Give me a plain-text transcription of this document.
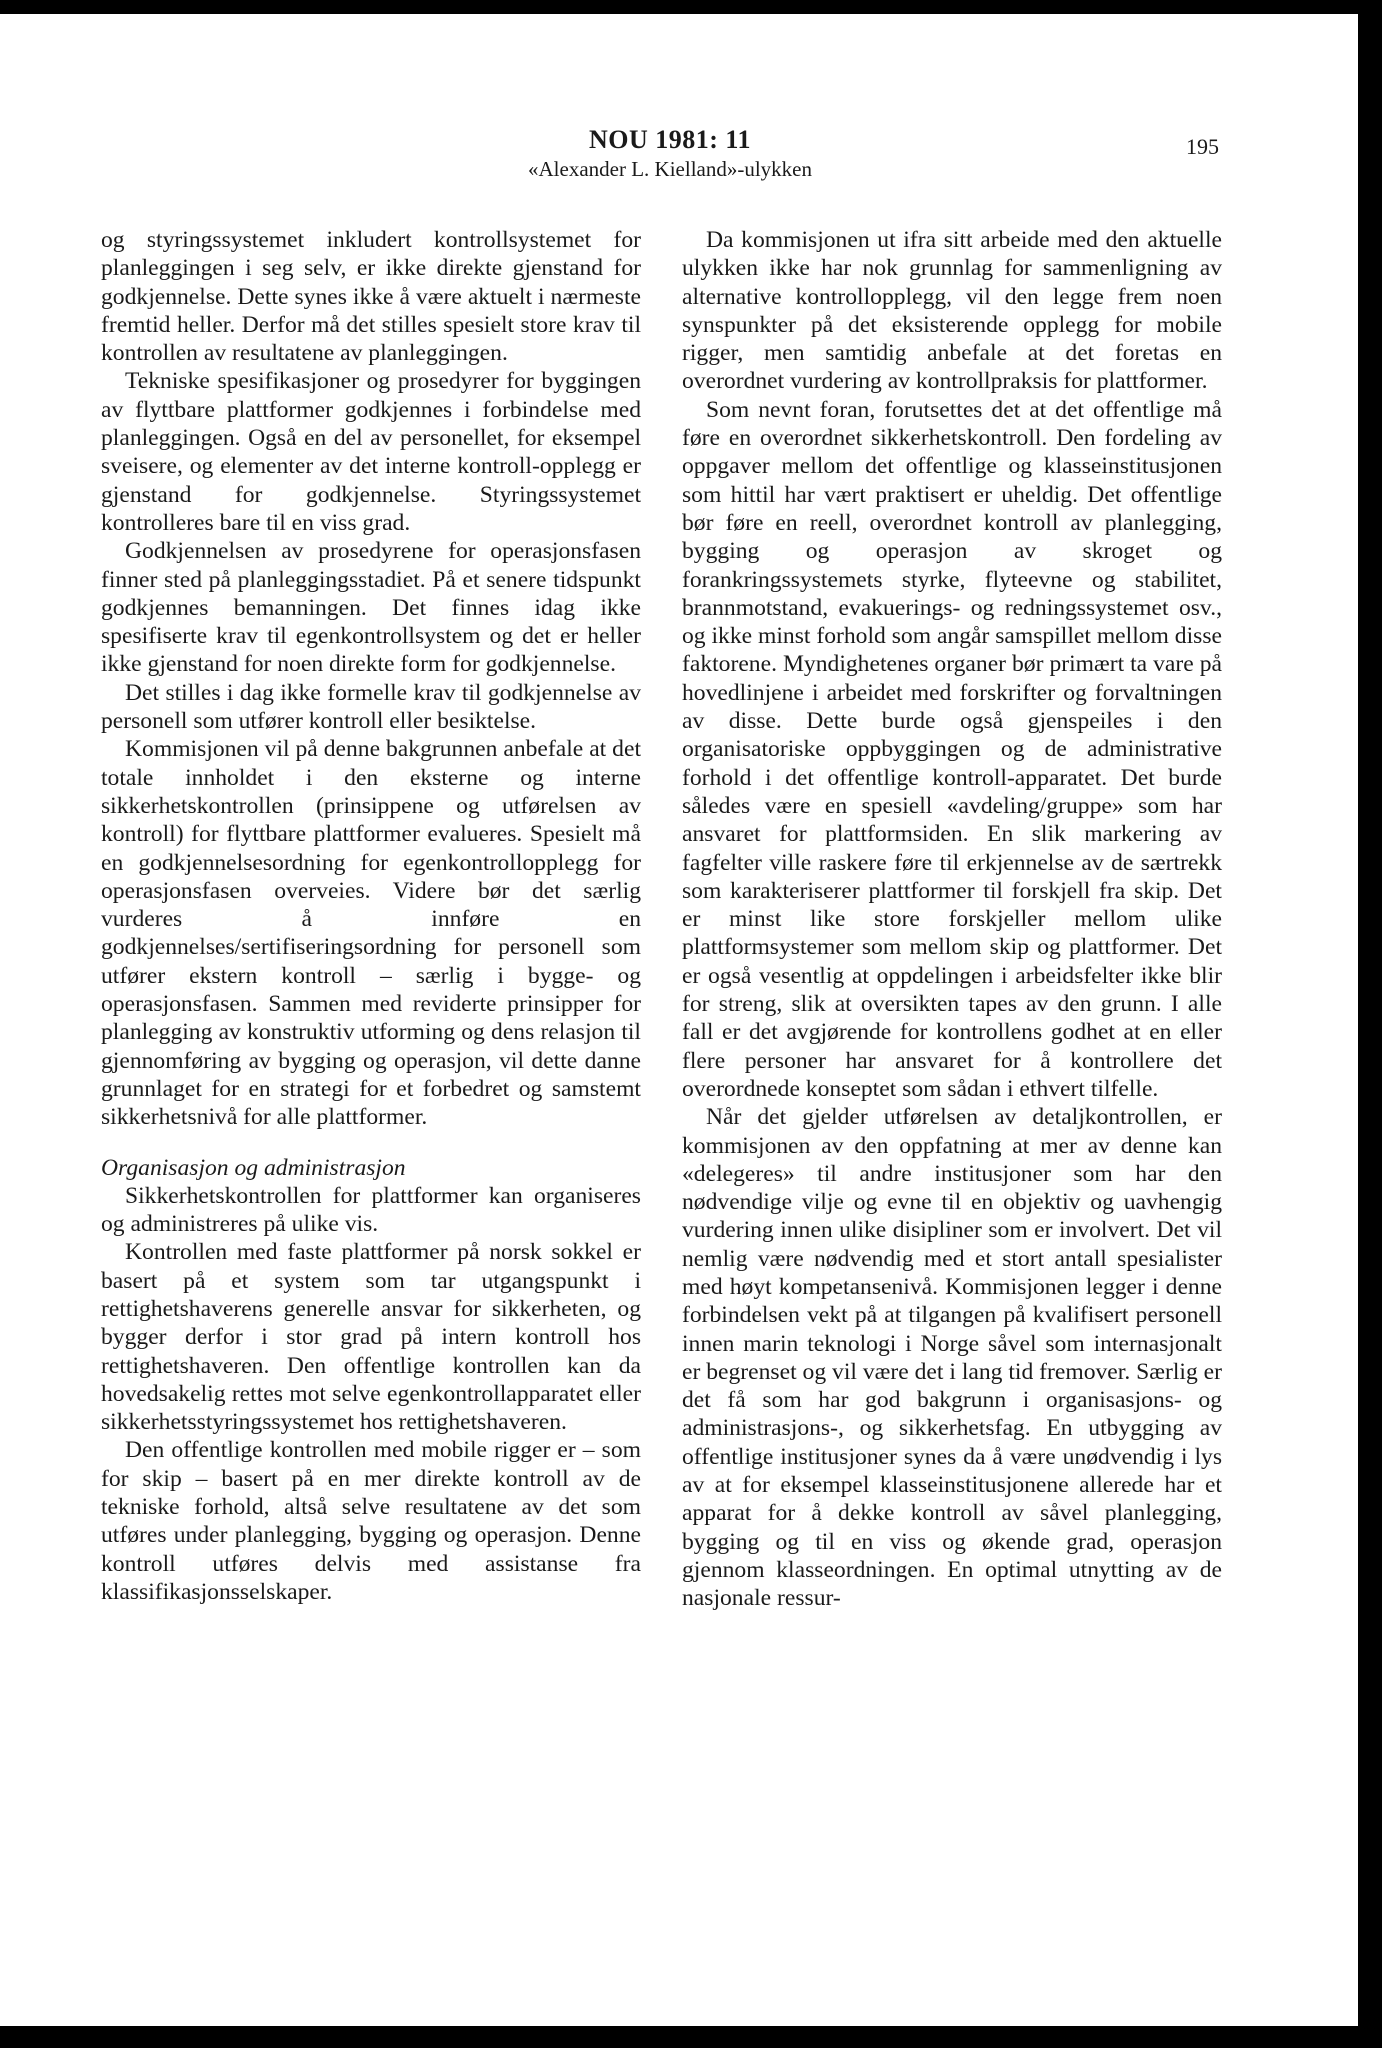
NOU 1981: 11
«Alexander L. Kielland»-ulykken
195

og styringssystemet inkludert kontrollsystemet for planleggingen i seg selv, er ikke direkte gjenstand for godkjennelse. Dette synes ikke å være aktuelt i nærmeste fremtid heller. Derfor må det stilles spesielt store krav til kontrollen av resultatene av planleggingen.

Tekniske spesifikasjoner og prosedyrer for byggingen av flyttbare plattformer godkjennes i forbindelse med planleggingen. Også en del av personellet, for eksempel sveisere, og elementer av det interne kontroll-opplegg er gjenstand for godkjennelse. Styringssystemet kontrolleres bare til en viss grad.

Godkjennelsen av prosedyrene for operasjonsfasen finner sted på planleggingsstadiet. På et senere tidspunkt godkjennes bemanningen. Det finnes idag ikke spesifiserte krav til egenkontrollsystem og det er heller ikke gjenstand for noen direkte form for godkjennelse.

Det stilles i dag ikke formelle krav til godkjennelse av personell som utfører kontroll eller besiktelse.

Kommisjonen vil på denne bakgrunnen anbefale at det totale innholdet i den eksterne og interne sikkerhetskontrollen (prinsippene og utførelsen av kontroll) for flyttbare plattformer evalueres. Spesielt må en godkjennelsesordning for egenkontrollopplegg for operasjonsfasen overveies. Videre bør det særlig vurderes å innføre en godkjennelses/sertifiseringsordning for personell som utfører ekstern kontroll – særlig i bygge- og operasjonsfasen. Sammen med reviderte prinsipper for planlegging av konstruktiv utforming og dens relasjon til gjennomføring av bygging og operasjon, vil dette danne grunnlaget for en strategi for et forbedret og samstemt sikkerhetsnivå for alle plattformer.

Organisasjon og administrasjon

Sikkerhetskontrollen for plattformer kan organiseres og administreres på ulike vis.

Kontrollen med faste plattformer på norsk sokkel er basert på et system som tar utgangspunkt i rettighetshaverens generelle ansvar for sikkerheten, og bygger derfor i stor grad på intern kontroll hos rettighetshaveren. Den offentlige kontrollen kan da hovedsakelig rettes mot selve egenkontrollapparatet eller sikkerhetsstyringssystemet hos rettighetshaveren.

Den offentlige kontrollen med mobile rigger er – som for skip – basert på en mer direkte kontroll av de tekniske forhold, altså selve resultatene av det som utføres under planlegging, bygging og operasjon. Denne kontroll utføres delvis med assistanse fra klassifikasjonsselskaper.

Da kommisjonen ut ifra sitt arbeide med den aktuelle ulykken ikke har nok grunnlag for sammenligning av alternative kontrollopplegg, vil den legge frem noen synspunkter på det eksisterende opplegg for mobile rigger, men samtidig anbefale at det foretas en overordnet vurdering av kontrollpraksis for plattformer.

Som nevnt foran, forutsettes det at det offentlige må føre en overordnet sikkerhetskontroll. Den fordeling av oppgaver mellom det offentlige og klasseinstitusjonen som hittil har vært praktisert er uheldig. Det offentlige bør føre en reell, overordnet kontroll av planlegging, bygging og operasjon av skroget og forankringssystemets styrke, flyteevne og stabilitet, brannmotstand, evakuerings- og redningssystemet osv., og ikke minst forhold som angår samspillet mellom disse faktorene. Myndighetenes organer bør primært ta vare på hovedlinjene i arbeidet med forskrifter og forvaltningen av disse. Dette burde også gjenspeiles i den organisatoriske oppbyggingen og de administrative forhold i det offentlige kontroll-apparatet. Det burde således være en spesiell «avdeling/gruppe» som har ansvaret for plattformsiden. En slik markering av fagfelter ville raskere føre til erkjennelse av de særtrekk som karakteriserer plattformer til forskjell fra skip. Det er minst like store forskjeller mellom ulike plattformsystemer som mellom skip og plattformer. Det er også vesentlig at oppdelingen i arbeidsfelter ikke blir for streng, slik at oversikten tapes av den grunn. I alle fall er det avgjørende for kontrollens godhet at en eller flere personer har ansvaret for å kontrollere det overordnede konseptet som sådan i ethvert tilfelle.

Når det gjelder utførelsen av detaljkontrollen, er kommisjonen av den oppfatning at mer av denne kan «delegeres» til andre institusjoner som har den nødvendige vilje og evne til en objektiv og uavhengig vurdering innen ulike disipliner som er involvert. Det vil nemlig være nødvendig med et stort antall spesialister med høyt kompetansenivå. Kommisjonen legger i denne forbindelsen vekt på at tilgangen på kvalifisert personell innen marin teknologi i Norge såvel som internasjonalt er begrenset og vil være det i lang tid fremover. Særlig er det få som har god bakgrunn i organisasjons- og administrasjons-, og sikkerhetsfag. En utbygging av offentlige institusjoner synes da å være unødvendig i lys av at for eksempel klasseinstitusjonene allerede har et apparat for å dekke kontroll av såvel planlegging, bygging og til en viss og økende grad, operasjon gjennom klasseordningen. En optimal utnytting av de nasjonale ressur-
